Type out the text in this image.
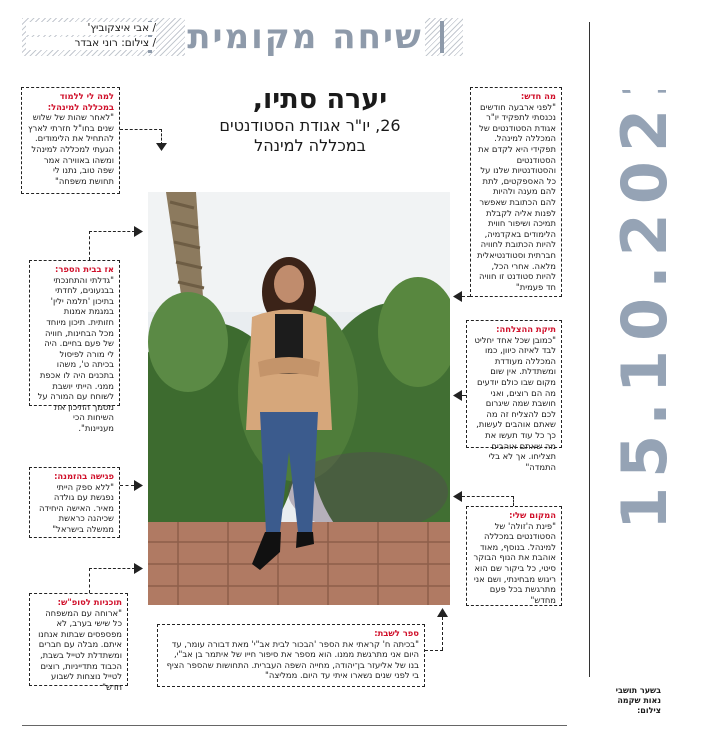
שיחה מקומית
/ אבי איצקוביץ'
/ צילום: רוני אבדר
יערה סתיו,
26, יו"ר אגודת הסטודנטים
במכללה למינהל
למה לי ללמוד במכללה למינהל:
"לאחר שהות של שלוש שנים בחו"ל חזרתי לארץ להתחיל את הלימודים. הגעתי למכללה למינהל ומשהו באווירה אמר שפה טוב, נתנו לי תחושת משפחה"
אז בבית הספר:
"גדלתי והתחנכתי בבנעונים, לחדתי בתיכון 'תלמה ילין' במגמת אמנות חזותית. תיכון מיוחד מכל הבחינות, חוויה של פעם בחיים. היה לי מורה לפיסול בכיתה ט', משהו בתכנים היה לו אכפת ממני. הייתי יושבת לשוחח עם המורה על מסמך התיכון את השיחות הכי מעניינות".
פגישה בהזמנה:
"ללא ספק הייתי נפגשת עם גולדה מאיר. האישה היחידה שכיהנה כראשת ממשלה בישראל"
תוכניות לסופ"ש:
"ארוחה עם המשפחה כל שישי בערב, לא מפספסים שבתות אנחנו איתם. מבלה עם חברים ומשתדלת לטייל בשבת, הכבוד מתדייניות, רוצים לטייל נוצחות לשבוע חדש"
מה חדש:
"לפני ארבעה חודשים נכנסתי לתפקיד יו"ר אגודת הסטודנטים של המכללה למינהל. תפקידי היא לקדם את הסטודנטים והסטודנטיות שלנו על כל האספקטים, לתת להם מענה ולהיות להם הכתובת שאפשר לפנות אליה לקבלת תמיכה ושיפור חווית הלימודים באקדמיה, להיות הכתובת לחוויה חברתית וסטודנטיאלית מלאה. אחרי הכל, להיות סטודנט זו חוויה חד פעמית"
תיקת ההצלחה:
"כמובן שכל אחד יחליט לבד לאיזה כיוון, כמו המכללה מעודדת ומשתדלת. אין שום מקום שבו כולם יודעים מה הם רוצים, ואני חושבת שמה שיגרום לכם להצליח זה מה שאתם אוהבים לעשות, כך כל עוד תעשו את מה שאתם אוהבים תצליחו. אך לא בלי התמדה"
המקום שלי:
"פינת ה'זולה' של הסטודנטים במכללה למינהל. בנוסף, מאוד אוהבת את הנוף הבוקר סיטי, כל ביקור שם הוא ריגוש מבחינתי, ושם אני מתרגשת בכל פעם מחדש"
ספר לשבת:
"בכיתה ח' קראתי את הספר 'הבכור לבית אב"י' מאת דבורה עומר, עד היום אני מתרגשת ממנו. הוא מספר את סיפור חייו של איתמר בן אב"י, בנו של אליעזר בן־יהודה, מחייה השפה העברית. התחושות שהספר הציף בי לפני שנים נשארו איתי עד היום. ממליצה"
15.10.2021
בשער תושבי נאות שקמה צילום:
